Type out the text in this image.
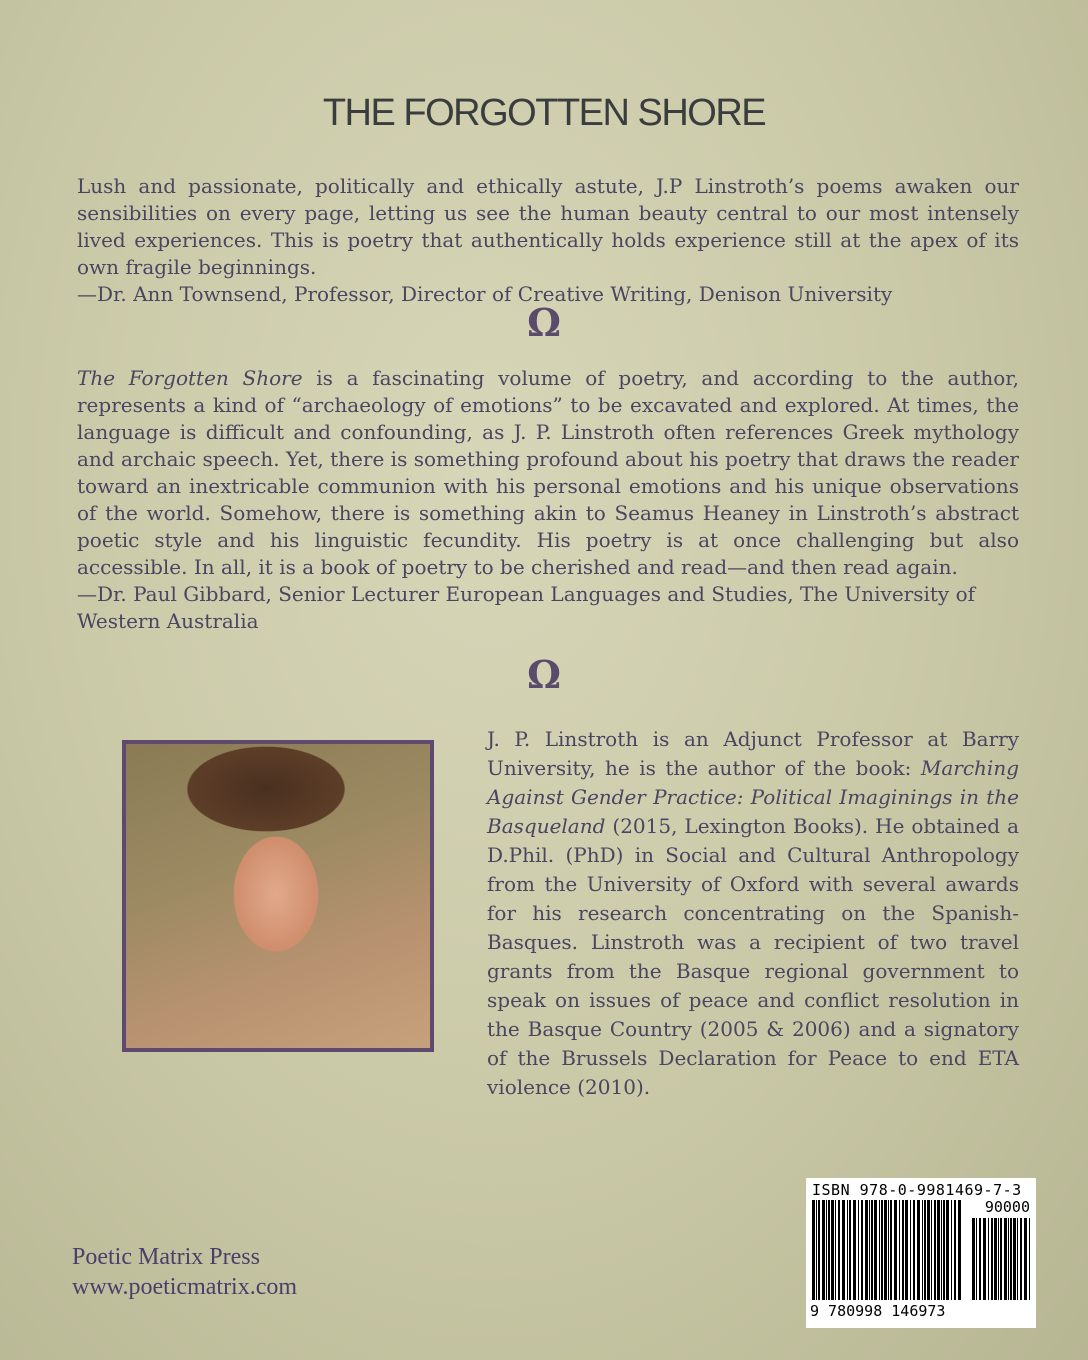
THE FORGOTTEN SHORE
Lush and passionate, politically and ethically astute, J.P Linstroth’s poems awaken our sensibilities on every page, letting us see the human beauty central to our most intensely lived experiences. This is poetry that authentically holds experience still at the apex of its own fragile beginnings.
—Dr. Ann Townsend, Professor, Director of Creative Writing, Denison University
Ω
The Forgotten Shore is a fascinating volume of poetry, and according to the author, represents a kind of “archaeology of emotions” to be excavated and explored. At times, the language is difficult and confounding, as J. P. Linstroth often references Greek mythology and archaic speech. Yet, there is something profound about his poetry that draws the reader toward an inextricable communion with his personal emotions and his unique observations of the world. Somehow, there is something akin to Seamus Heaney in Linstroth’s abstract poetic style and his linguistic fecundity. His poetry is at once challenging but also accessible. In all, it is a book of poetry to be cherished and read—and then read again.
—Dr. Paul Gibbard, Senior Lecturer European Languages and Studies, The University of Western Australia
Ω
J. P. Linstroth is an Adjunct Professor at Barry University, he is the author of the book: Marching Against Gender Practice: Political Imaginings in the Basqueland (2015, Lexington Books). He obtained a D.Phil. (PhD) in Social and Cultural Anthropology from the University of Oxford with several awards for his research concentrating on the Spanish-Basques. Linstroth was a recipient of two travel grants from the Basque regional government to speak on issues of peace and conflict resolution in the Basque Country (2005 & 2006) and a signatory of the Brussels Declaration for Peace to end ETA violence (2010).
Poetic Matrix Press
www.poeticmatrix.com
ISBN 978-0-9981469-7-3
90000
9 780998 146973
